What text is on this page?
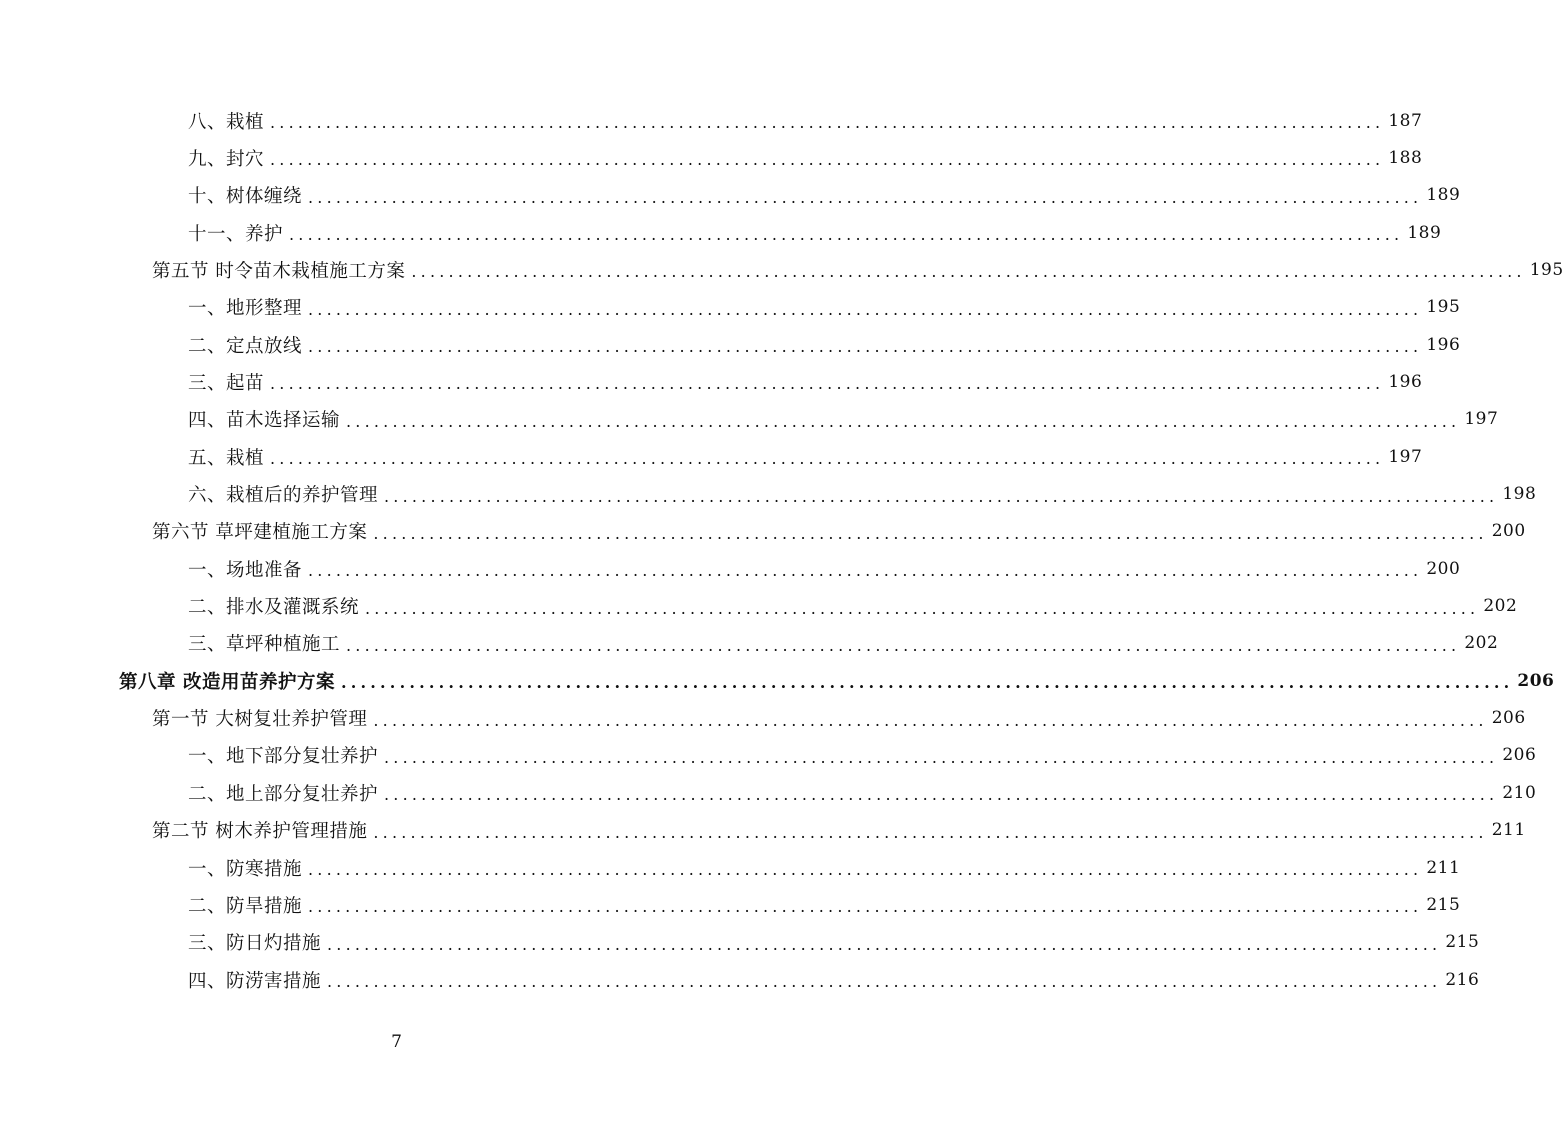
八、栽植 ........................................................................................................................ 187
九、封穴 ........................................................................................................................ 188
十、树体缠绕 ........................................................................................................................ 189
十一、养护 ........................................................................................................................ 189
第五节 时令苗木栽植施工方案 ........................................................................................................................ 195
一、地形整理 ........................................................................................................................ 195
二、定点放线 ........................................................................................................................ 196
三、起苗 ........................................................................................................................ 196
四、苗木选择运输 ........................................................................................................................ 197
五、栽植 ........................................................................................................................ 197
六、栽植后的养护管理 ........................................................................................................................ 198
第六节 草坪建植施工方案 ........................................................................................................................ 200
一、场地准备 ........................................................................................................................ 200
二、排水及灌溉系统 ........................................................................................................................ 202
三、草坪种植施工 ........................................................................................................................ 202
第八章 改造用苗养护方案 ........................................................................................................................ 206
第一节 大树复壮养护管理 ........................................................................................................................ 206
一、地下部分复壮养护 ........................................................................................................................ 206
二、地上部分复壮养护 ........................................................................................................................ 210
第二节 树木养护管理措施 ........................................................................................................................ 211
一、防寒措施 ........................................................................................................................ 211
二、防旱措施 ........................................................................................................................ 215
三、防日灼措施 ........................................................................................................................ 215
四、防涝害措施 ........................................................................................................................ 216
7
